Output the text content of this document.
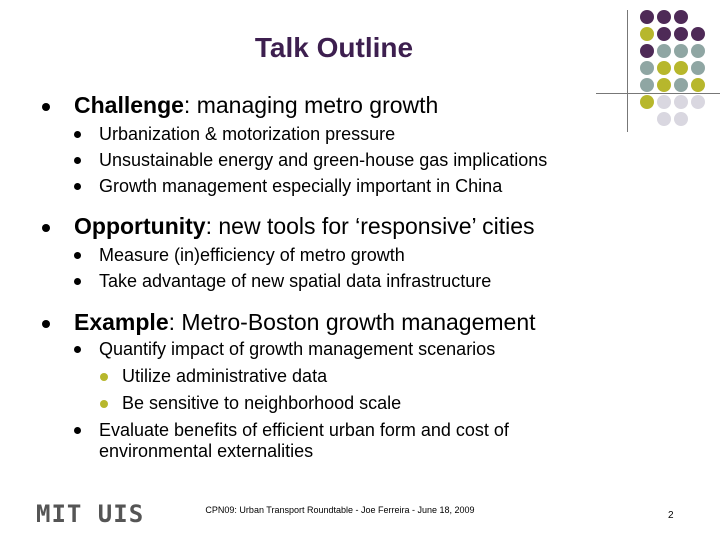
Talk Outline
Challenge: managing metro growth
Urbanization & motorization pressure
Unsustainable energy and green-house gas implications
Growth management especially important in China
Opportunity: new tools for ‘responsive’ cities
Measure (in)efficiency of metro growth
Take advantage of new spatial data infrastructure
Example: Metro-Boston growth management
Quantify impact of growth management scenarios
Utilize administrative data
Be sensitive to neighborhood scale
Evaluate benefits of efficient urban form and cost of
environmental externalities
MIT UIS	CPN09: Urban Transport Roundtable - Joe Ferreira - June 18, 2009	2
